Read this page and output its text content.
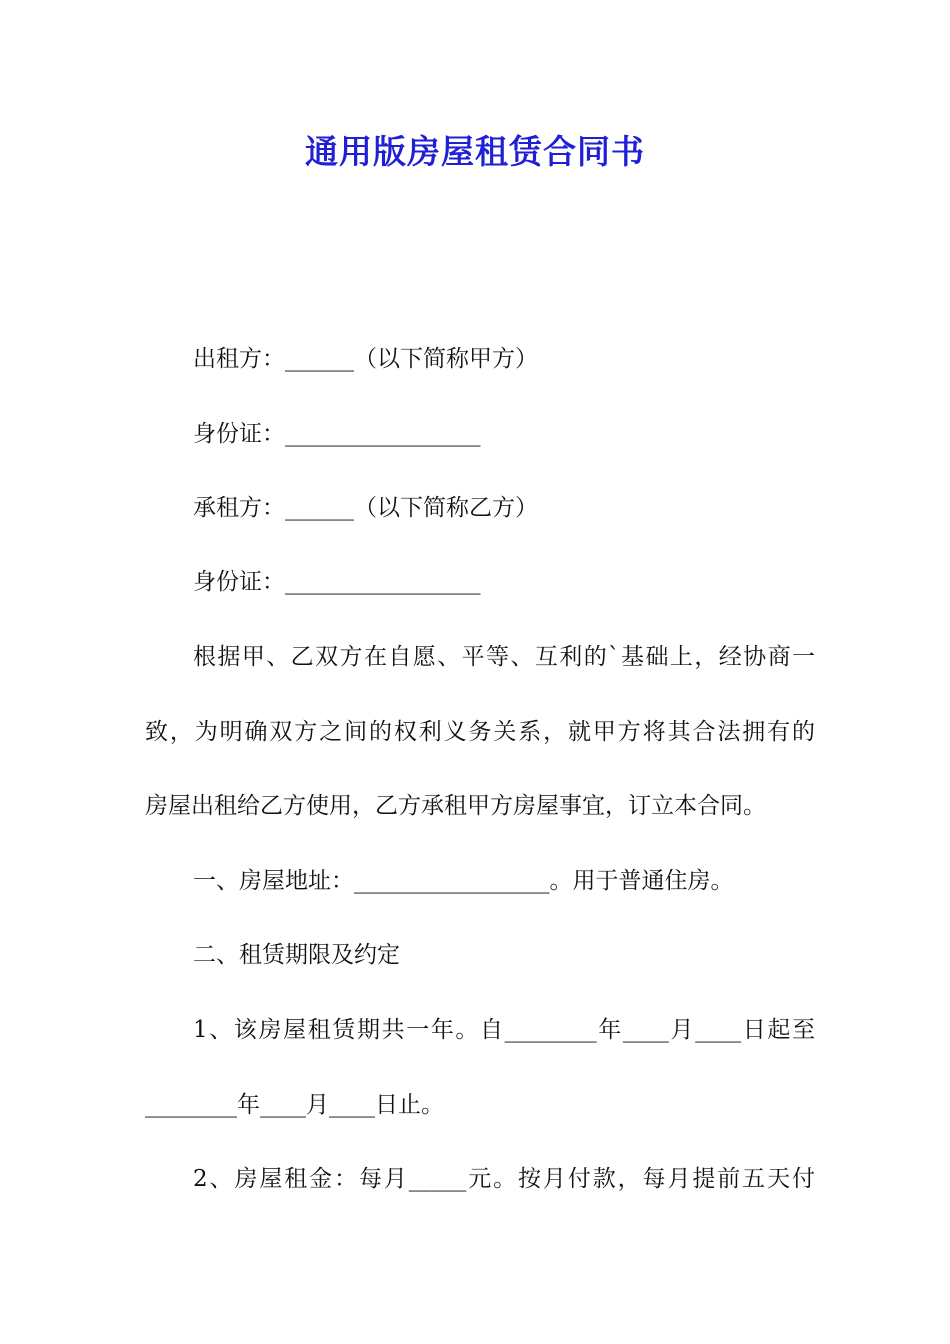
通用版房屋租赁合同书
出租方：______（以下简称甲方）
身份证：_________________
承租方：______（以下简称乙方）
身份证：_________________
根据甲、乙双方在自愿、平等、互利的`基础上，经协商一
致，为明确双方之间的权利义务关系，就甲方将其合法拥有的
房屋出租给乙方使用，乙方承租甲方房屋事宜，订立本合同。
一、房屋地址：_________________。用于普通住房。
二、租赁期限及约定
1、该房屋租赁期共一年。自________年____月____日起至
________年____月____日止。
2、房屋租金：每月_____元。按月付款，每月提前五天付
